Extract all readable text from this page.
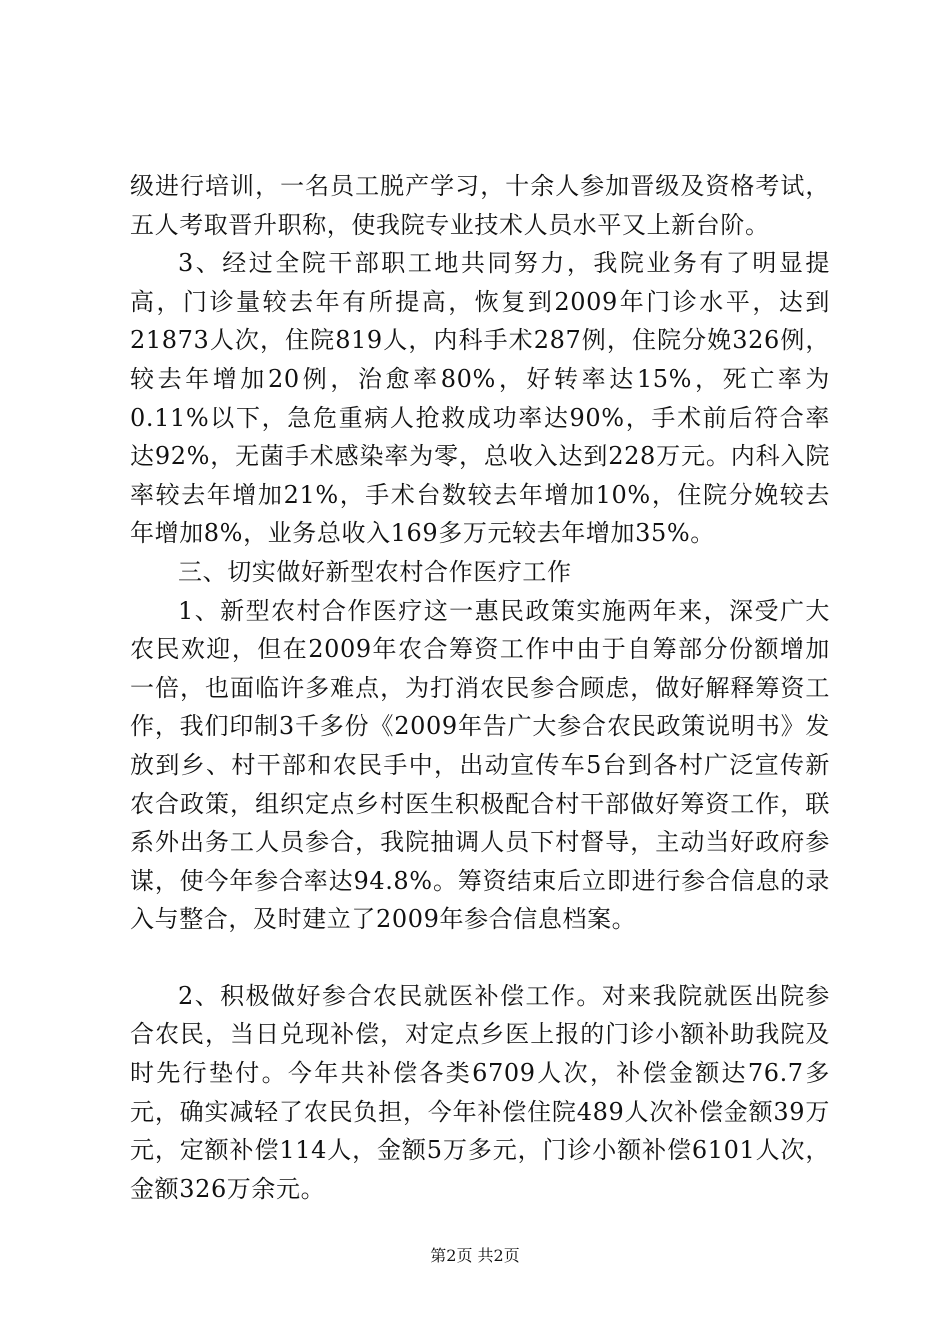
级进行培训，一名员工脱产学习，十余人参加晋级及资格考试，五人考取晋升职称，使我院专业技术人员水平又上新台阶。

3、经过全院干部职工地共同努力，我院业务有了明显提高，门诊量较去年有所提高，恢复到2009年门诊水平，达到21873人次，住院819人，内科手术287例，住院分娩326例，较去年增加20例，治愈率80%，好转率达15%，死亡率为0.11%以下，急危重病人抢救成功率达90%，手术前后符合率达92%，无菌手术感染率为零，总收入达到228万元。内科入院率较去年增加21%，手术台数较去年增加10%，住院分娩较去年增加8%，业务总收入169多万元较去年增加35%。

三、切实做好新型农村合作医疗工作

1、新型农村合作医疗这一惠民政策实施两年来，深受广大农民欢迎，但在2009年农合筹资工作中由于自筹部分份额增加一倍，也面临许多难点，为打消农民参合顾虑，做好解释筹资工作，我们印制3千多份《2009年告广大参合农民政策说明书》发放到乡、村干部和农民手中，出动宣传车5台到各村广泛宣传新农合政策，组织定点乡村医生积极配合村干部做好筹资工作，联系外出务工人员参合，我院抽调人员下村督导，主动当好政府参谋，使今年参合率达94.8%。筹资结束后立即进行参合信息的录入与整合，及时建立了2009年参合信息档案。

2、积极做好参合农民就医补偿工作。对来我院就医出院参合农民，当日兑现补偿，对定点乡医上报的门诊小额补助我院及时先行垫付。今年共补偿各类6709人次，补偿金额达76.7多元，确实减轻了农民负担，今年补偿住院489人次补偿金额39万元，定额补偿114人，金额5万多元，门诊小额补偿6101人次，金额326万余元。

第2页 共2页
